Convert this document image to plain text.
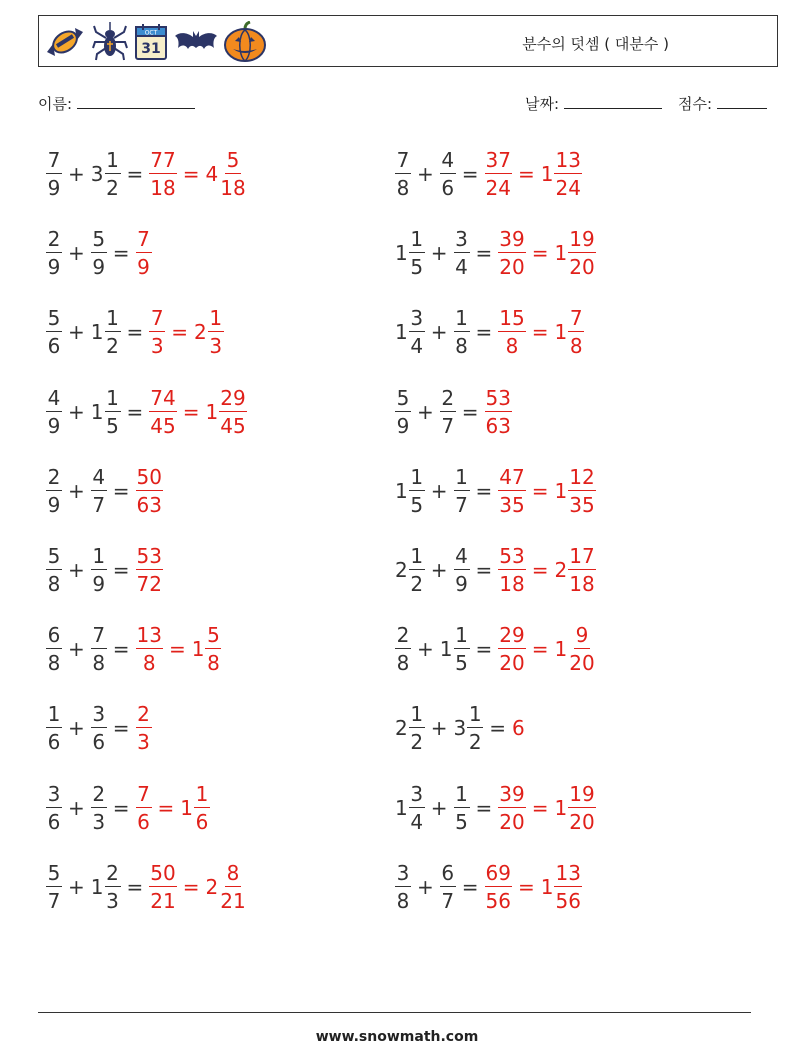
OCT
31	분수의 덧셈 ( 대분수 )
이름:	날짜:	점수:
$\frac{7}{9} + 3 \frac{1}{2} = \frac{77}{18} = 4 \frac{5}{18}$
$\frac{2}{9} + \frac{5}{9} = \frac{7}{9}$
$\frac{5}{6} + 1 \frac{1}{2} = \frac{7}{3} = 2 \frac{1}{3}$
$\frac{4}{9} + 1 \frac{1}{5} = \frac{74}{45} = 1 \frac{29}{45}$
$\frac{2}{9} + \frac{4}{7} = \frac{50}{63}$
$\frac{5}{8} + \frac{1}{9} = \frac{53}{72}$
$\frac{6}{8} + \frac{7}{8} = \frac{13}{8} = 1 \frac{5}{8}$
$\frac{1}{6} + \frac{3}{6} = \frac{2}{3}$
$\frac{3}{6} + \frac{2}{3} = \frac{7}{6} = 1 \frac{1}{6}$
$\frac{5}{7} + 1 \frac{2}{3} = \frac{50}{21} = 2 \frac{8}{21}$
$\frac{7}{8} + \frac{4}{6} = \frac{37}{24} = 1 \frac{13}{24}$
$1 \frac{1}{5} + \frac{3}{4} = \frac{39}{20} = 1 \frac{19}{20}$
$1 \frac{3}{4} + \frac{1}{8} = \frac{15}{8} = 1 \frac{7}{8}$
$\frac{5}{9} + \frac{2}{7} = \frac{53}{63}$
$1 \frac{1}{5} + \frac{1}{7} = \frac{47}{35} = 1 \frac{12}{35}$
$2 \frac{1}{2} + \frac{4}{9} = \frac{53}{18} = 2 \frac{17}{18}$
$\frac{2}{8} + 1 \frac{1}{5} = \frac{29}{20} = 1 \frac{9}{20}$
$2 \frac{1}{2} + 3 \frac{1}{2} = 6$
$1 \frac{3}{4} + \frac{1}{5} = \frac{39}{20} = 1 \frac{19}{20}$
$\frac{3}{8} + \frac{6}{7} = \frac{69}{56} = 1 \frac{13}{56}$
www.snowmath.com
